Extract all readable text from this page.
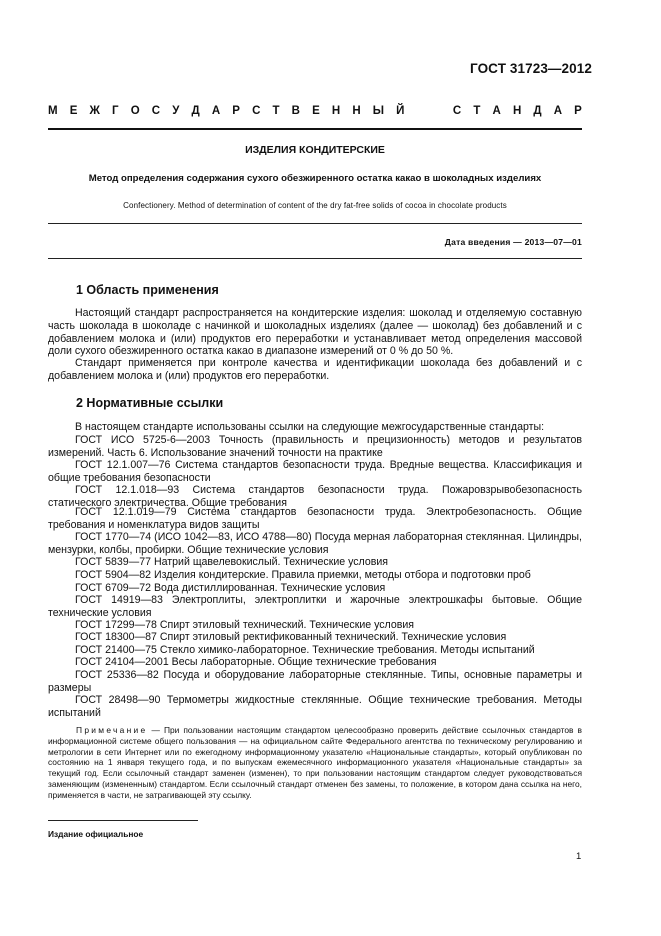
ГОСТ 31723—2012
М Е Ж Г О С У Д А Р С Т В Е Н Н Ы Й	С Т А Н Д А Р
ИЗДЕЛИЯ КОНДИТЕРСКИЕ
Метод определения содержания сухого обезжиренного остатка какао в шоколадных изделиях
Confectionery. Method of determination of content of the dry fat-free solids of cocoa in chocolate products
Дата введения — 2013—07—01
1 Область применения
Настоящий стандарт распространяется на кондитерские изделия: шоколад и отделяемую составную часть шоколада в шоколаде с начинкой и шоколадных изделиях (далее — шоколад) без добавлений и с добавлением молока и (или) продуктов его переработки и устанавливает метод определения массовой доли сухого обезжиренного остатка какао в диапазоне измерений от 0 % до 50 %.
Стандарт применяется при контроле качества и идентификации шоколада без добавлений и с добавлением молока и (или) продуктов его переработки.
2 Нормативные ссылки
В настоящем стандарте использованы ссылки на следующие межгосударственные стандарты:
ГОСТ ИСО 5725-6—2003 Точность (правильность и прецизионность) методов и результатов измерений. Часть 6. Использование значений точности на практике
ГОСТ 12.1.007—76 Система стандартов безопасности труда. Вредные вещества. Классификация и общие требования безопасности
ГОСТ 12.1.018—93 Система стандартов безопасности труда. Пожаровзрывобезопасность статического электричества. Общие требования
ГОСТ 12.1.019—79 Система стандартов безопасности труда. Электробезопасность. Общие требования и номенклатура видов защиты
ГОСТ 1770—74 (ИСО 1042—83, ИСО 4788—80) Посуда мерная лабораторная стеклянная. Цилиндры, мензурки, колбы, пробирки. Общие технические условия
ГОСТ 5839—77 Натрий щавелевокислый. Технические условия
ГОСТ 5904—82 Изделия кондитерские. Правила приемки, методы отбора и подготовки проб
ГОСТ 6709—72 Вода дистиллированная. Технические условия
ГОСТ 14919—83 Электроплиты, электроплитки и жарочные электрошкафы бытовые. Общие технические условия
ГОСТ 17299—78 Спирт этиловый технический. Технические условия
ГОСТ 18300—87 Спирт этиловый ректификованный технический. Технические условия
ГОСТ 21400—75 Стекло химико-лабораторное. Технические требования. Методы испытаний
ГОСТ 24104—2001 Весы лабораторные. Общие технические требования
ГОСТ 25336—82 Посуда и оборудование лабораторные стеклянные. Типы, основные параметры и размеры
ГОСТ 28498—90 Термометры жидкостные стеклянные. Общие технические требования. Методы испытаний
Примечание — При пользовании настоящим стандартом целесообразно проверить действие ссылочных стандартов в информационной системе общего пользования — на официальном сайте Федерального агентства по техническому регулированию и метрологии в сети Интернет или по ежегодному информационному указателю «Национальные стандарты», который опубликован по состоянию на 1 января текущего года, и по выпускам ежемесячного информационного указателя «Национальные стандарты» за текущий год. Если ссылочный стандарт заменен (изменен), то при пользовании настоящим стандартом следует руководствоваться заменяющим (измененным) стандартом. Если ссылочный стандарт отменен без замены, то положение, в котором дана ссылка на него, применяется в части, не затрагивающей эту ссылку.
Издание официальное
1
